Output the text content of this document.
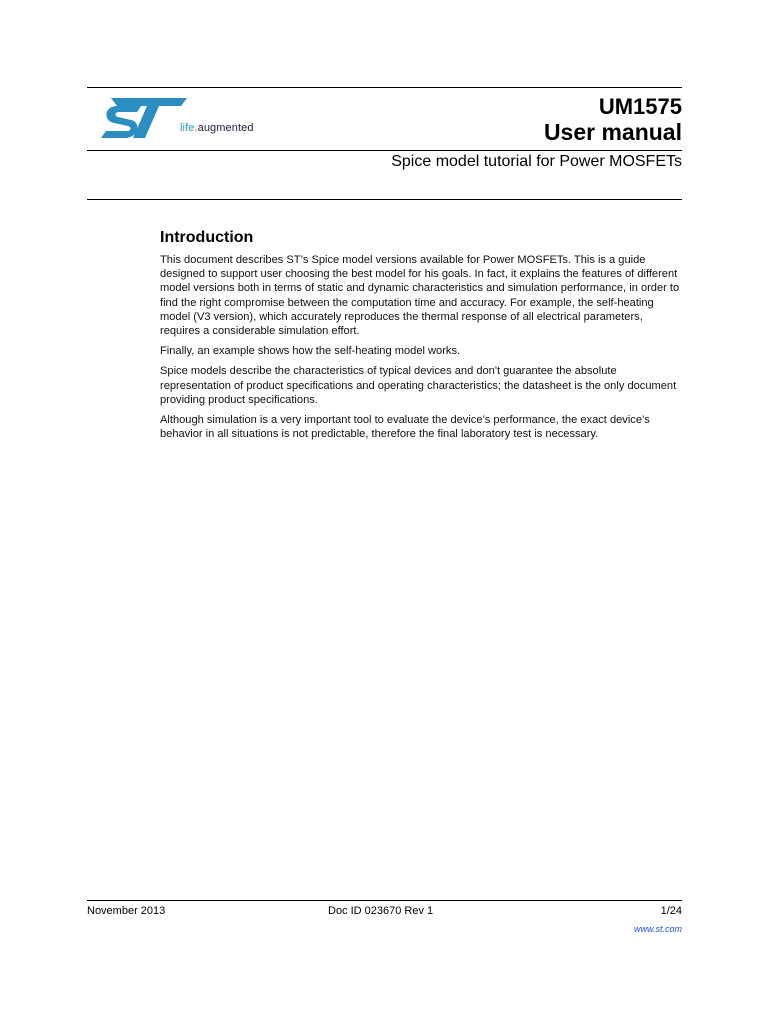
life.augmented
UM1575
User manual
Spice model tutorial for Power MOSFETs
Introduction

This document describes ST’s Spice model versions available for Power MOSFETs. This is a guide designed to support user choosing the best model for his goals. In fact, it explains the features of different model versions both in terms of static and dynamic characteristics and simulation performance, in order to find the right compromise between the computation time and accuracy. For example, the self-heating model (V3 version), which accurately reproduces the thermal response of all electrical parameters, requires a considerable simulation effort.

Finally, an example shows how the self-heating model works.

Spice models describe the characteristics of typical devices and don't guarantee the absolute representation of product specifications and operating characteristics; the datasheet is the only document providing product specifications.

Although simulation is a very important tool to evaluate the device’s performance, the exact device’s behavior in all situations is not predictable, therefore the final laboratory test is necessary.

November 2013	Doc ID 023670 Rev 1	1/24
www.st.com
